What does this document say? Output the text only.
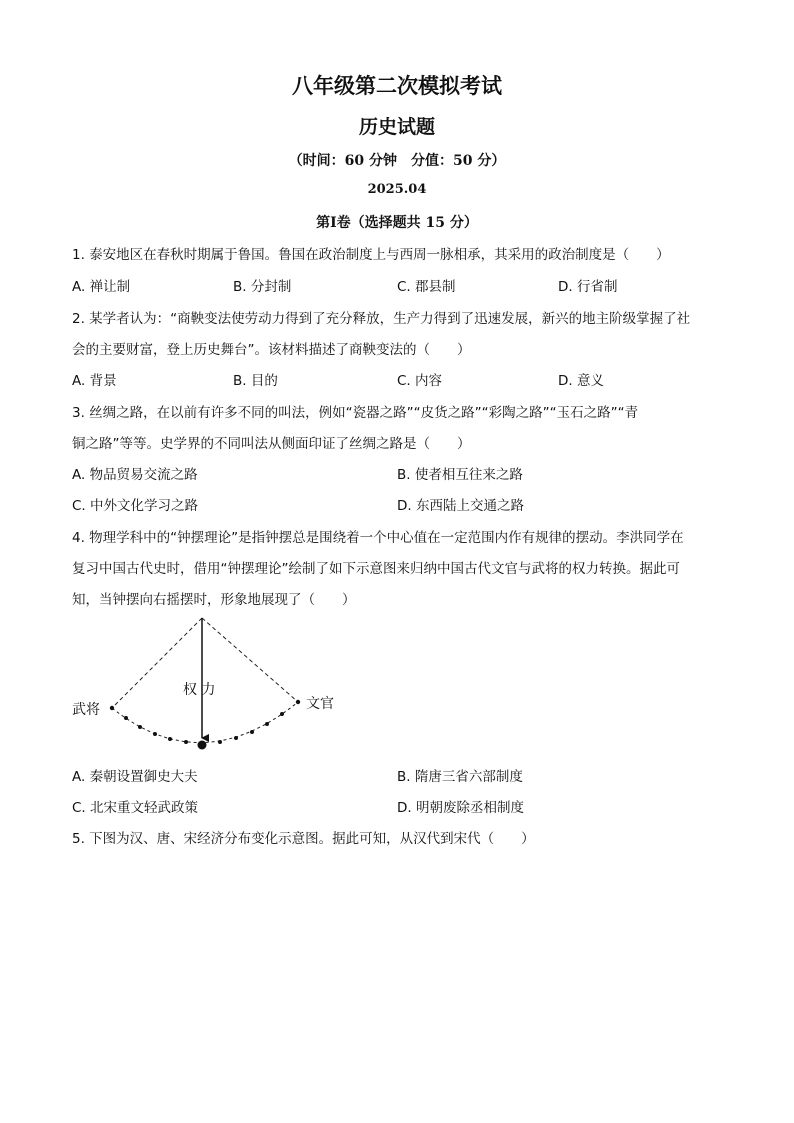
八年级第二次模拟考试
历史试题
（时间：60 分钟　分值：50 分）
2025.04
第Ⅰ卷（选择题共 15 分）
1. 泰安地区在春秋时期属于鲁国。鲁国在政治制度上与西周一脉相承，其采用的政治制度是（　　）
A. 禅让制	B. 分封制	C. 郡县制	D. 行省制
2. 某学者认为：“商鞅变法使劳动力得到了充分释放，生产力得到了迅速发展，新兴的地主阶级掌握了社
会的主要财富，登上历史舞台”。该材料描述了商鞅变法的（　　）
A. 背景	B. 目的	C. 内容	D. 意义
3. 丝绸之路，在以前有许多不同的叫法，例如“瓷器之路”“皮货之路”“彩陶之路”“玉石之路”“青
铜之路”等等。史学界的不同叫法从侧面印证了丝绸之路是（　　）
A. 物品贸易交流之路	B. 使者相互往来之路
C. 中外文化学习之路	D. 东西陆上交通之路
4. 物理学科中的“钟摆理论”是指钟摆总是围绕着一个中心值在一定范围内作有规律的摆动。李洪同学在
复习中国古代史时，借用“钟摆理论”绘制了如下示意图来归纳中国古代文官与武将的权力转换。据此可
知，当钟摆向右摇摆时，形象地展现了（　　）
武将
权 力
文官
A. 秦朝设置御史大夫	B. 隋唐三省六部制度
C. 北宋重文轻武政策	D. 明朝废除丞相制度
5. 下图为汉、唐、宋经济分布变化示意图。据此可知，从汉代到宋代（　　）
